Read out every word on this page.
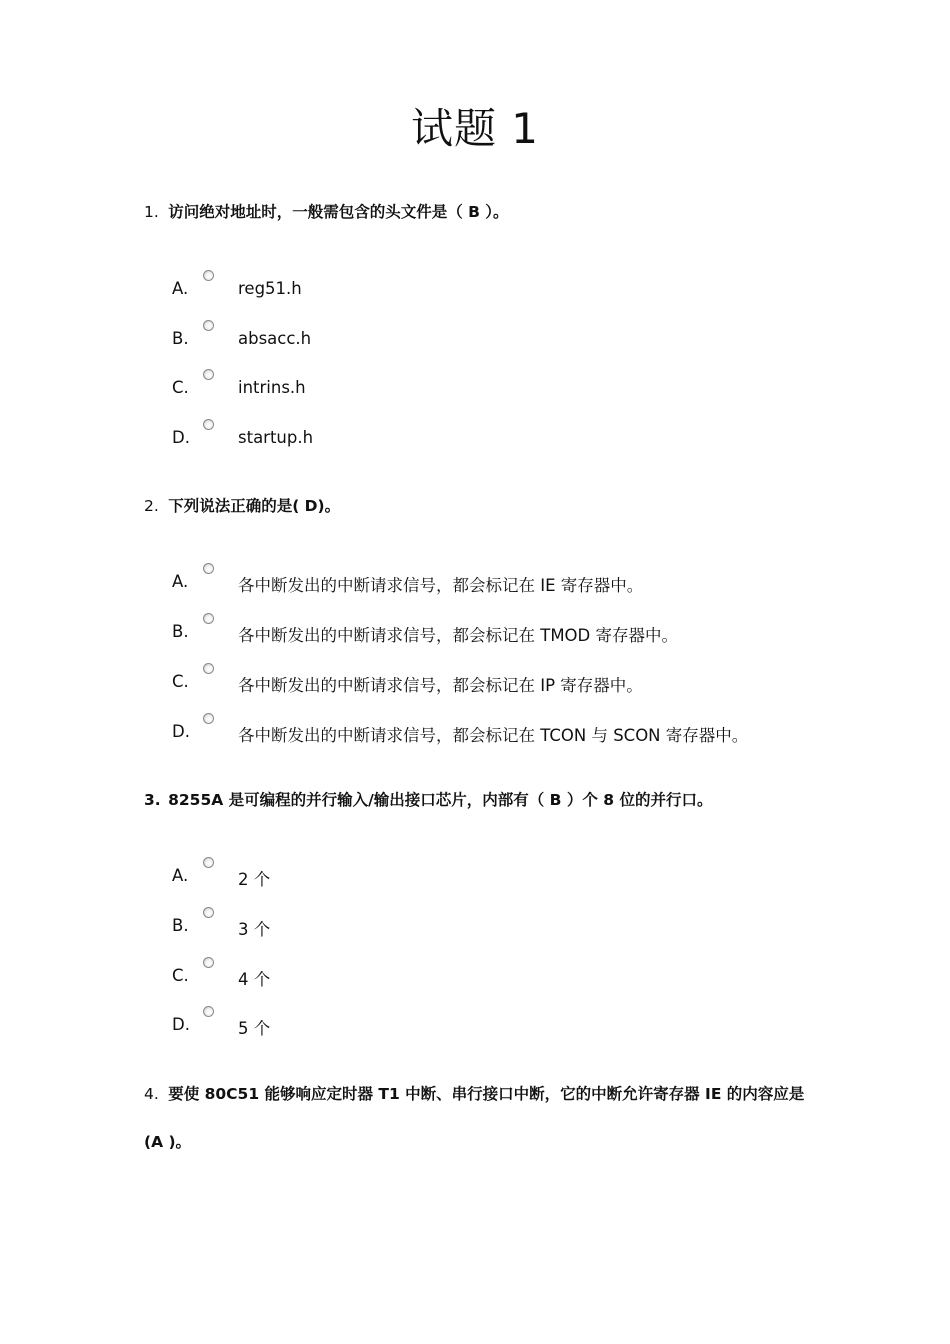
试题 1
1. 访问绝对地址时，一般需包含的头文件是（ B ）。
A.	reg51.h
B.	absacc.h
C.	intrins.h
D.	startup.h
2. 下列说法正确的是( D)。
A.	各中断发出的中断请求信号，都会标记在 IE 寄存器中。
B.	各中断发出的中断请求信号，都会标记在 TMOD 寄存器中。
C.	各中断发出的中断请求信号，都会标记在 IP 寄存器中。
D.	各中断发出的中断请求信号，都会标记在 TCON 与 SCON 寄存器中。
3. 8255A 是可编程的并行输入/输出接口芯片，内部有（ B ）个 8 位的并行口。
A.	2 个
B.	3 个
C.	4 个
D.	5 个
4. 要使 80C51 能够响应定时器 T1 中断、串行接口中断，它的中断允许寄存器 IE 的内容应是(A )。
